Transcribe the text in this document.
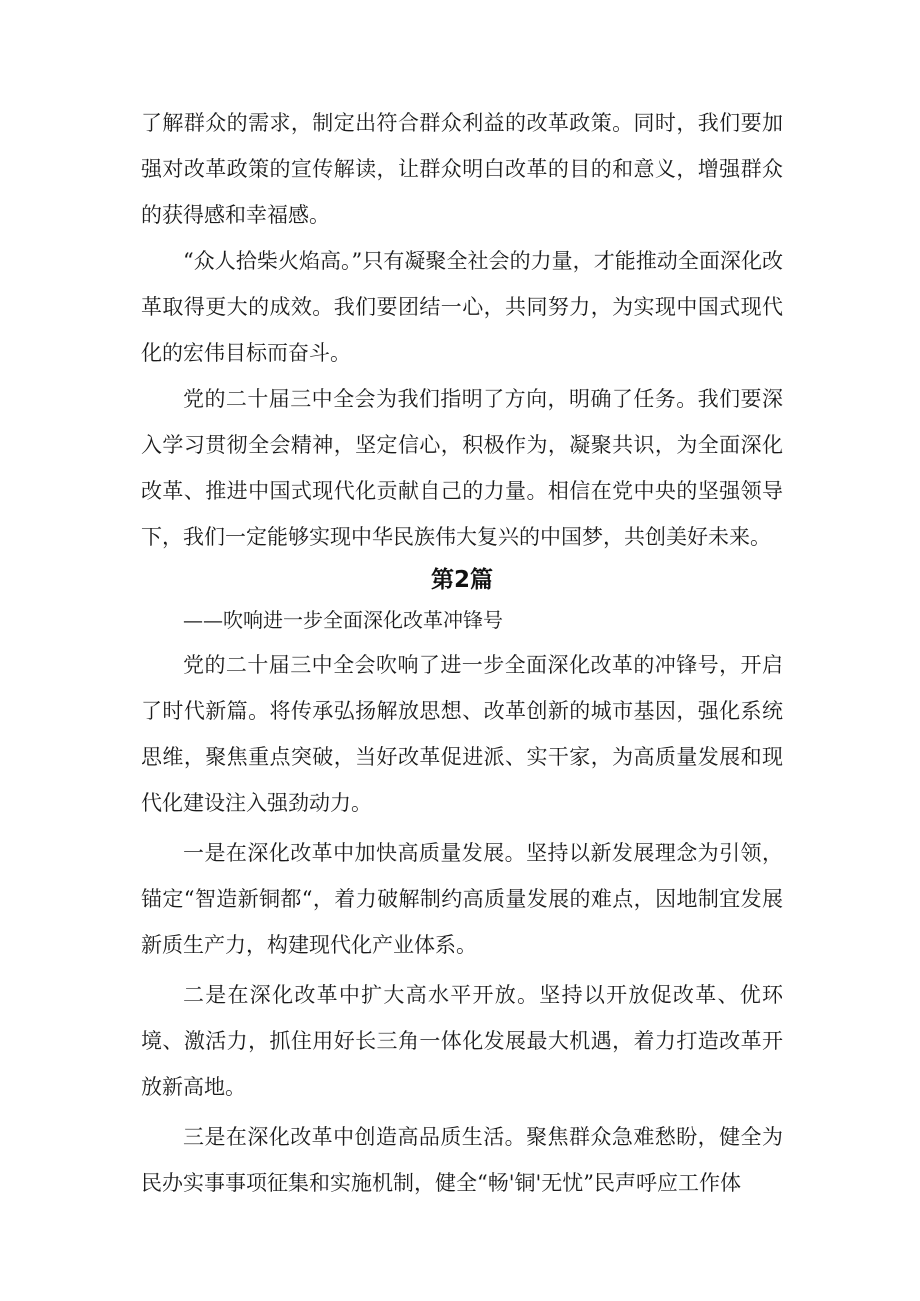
了解群众的需求，制定出符合群众利益的改革政策。同时，我们要加强对改革政策的宣传解读，让群众明白改革的目的和意义，增强群众的获得感和幸福感。

“众人拾柴火焰高。”只有凝聚全社会的力量，才能推动全面深化改革取得更大的成效。我们要团结一心，共同努力，为实现中国式现代化的宏伟目标而奋斗。

党的二十届三中全会为我们指明了方向，明确了任务。我们要深入学习贯彻全会精神，坚定信心，积极作为，凝聚共识，为全面深化改革、推进中国式现代化贡献自己的力量。相信在党中央的坚强领导下，我们一定能够实现中华民族伟大复兴的中国梦，共创美好未来。

第2篇

——吹响进一步全面深化改革冲锋号

党的二十届三中全会吹响了进一步全面深化改革的冲锋号，开启了时代新篇。将传承弘扬解放思想、改革创新的城市基因，强化系统思维，聚焦重点突破，当好改革促进派、实干家，为高质量发展和现代化建设注入强劲动力。

一是在深化改革中加快高质量发展。坚持以新发展理念为引领，锚定“智造新铜都“，着力破解制约高质量发展的难点，因地制宜发展新质生产力，构建现代化产业体系。

二是在深化改革中扩大高水平开放。坚持以开放促改革、优环境、激活力，抓住用好长三角一体化发展最大机遇，着力打造改革开放新高地。

三是在深化改革中创造高品质生活。聚焦群众急难愁盼，健全为民办实事事项征集和实施机制，健全“畅'铜'无忧”民声呼应工作体
